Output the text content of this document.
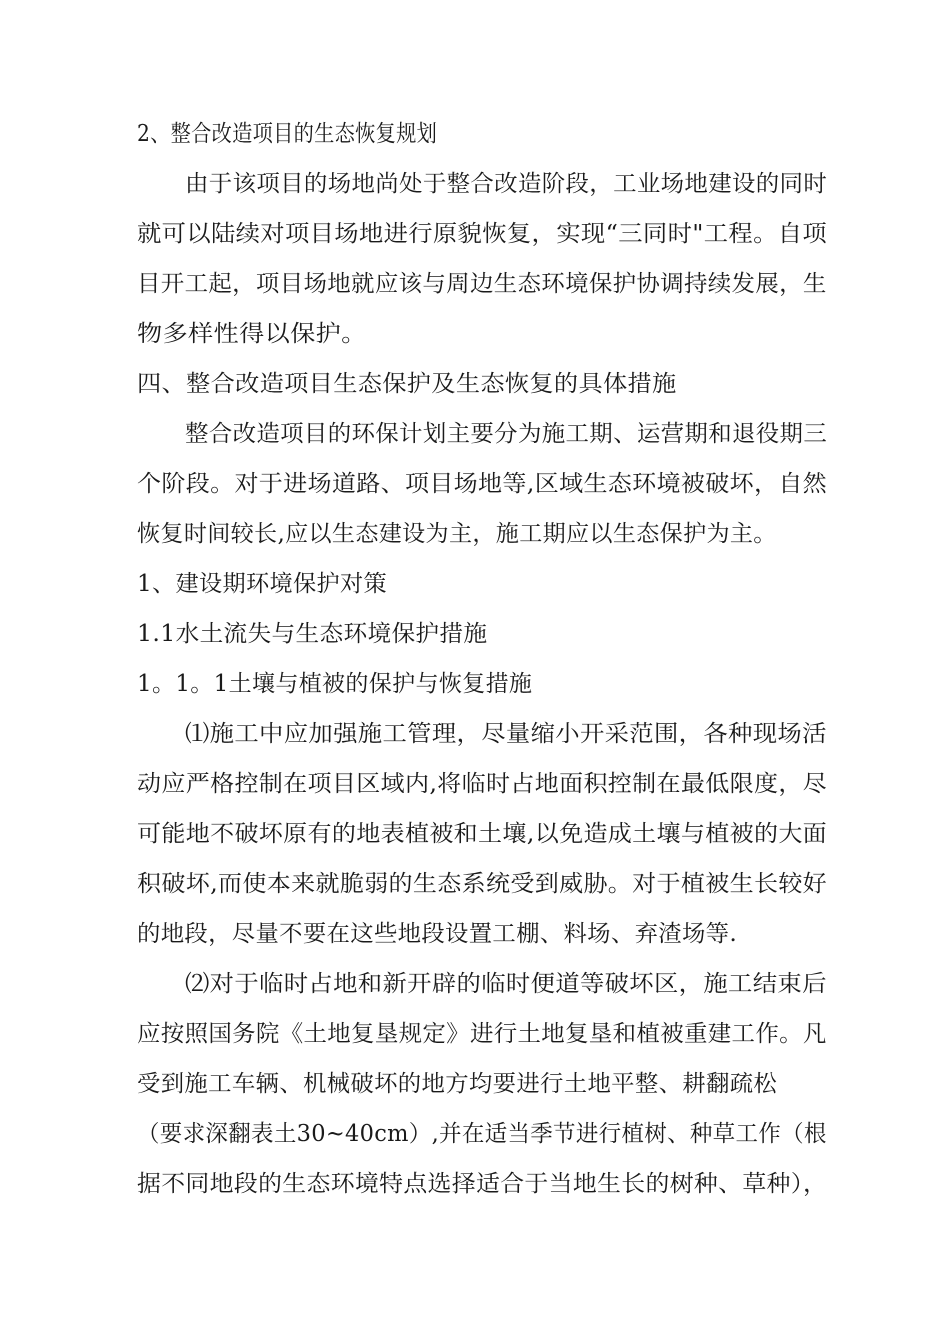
2、整合改造项目的生态恢复规划
由于该项目的场地尚处于整合改造阶段，工业场地建设的同时
就可以陆续对项目场地进行原貌恢复，实现“三同时"工程。自项
目开工起，项目场地就应该与周边生态环境保护协调持续发展，生
物多样性得以保护。
四、整合改造项目生态保护及生态恢复的具体措施
整合改造项目的环保计划主要分为施工期、运营期和退役期三
个阶段。对于进场道路、项目场地等,区域生态环境被破坏，自然
恢复时间较长,应以生态建设为主，施工期应以生态保护为主。
1、建设期环境保护对策
1.1水土流失与生态环境保护措施
1。1。1土壤与植被的保护与恢复措施
⑴施工中应加强施工管理，尽量缩小开采范围，各种现场活
动应严格控制在项目区域内,将临时占地面积控制在最低限度，尽
可能地不破坏原有的地表植被和土壤,以免造成土壤与植被的大面
积破坏,而使本来就脆弱的生态系统受到威胁。对于植被生长较好
的地段，尽量不要在这些地段设置工棚、料场、弃渣场等.
⑵对于临时占地和新开辟的临时便道等破坏区，施工结束后
应按照国务院《土地复垦规定》进行土地复垦和植被重建工作。凡
受到施工车辆、机械破坏的地方均要进行土地平整、耕翻疏松
（要求深翻表土30~40cm）,并在适当季节进行植树、种草工作（根
据不同地段的生态环境特点选择适合于当地生长的树种、草种），
